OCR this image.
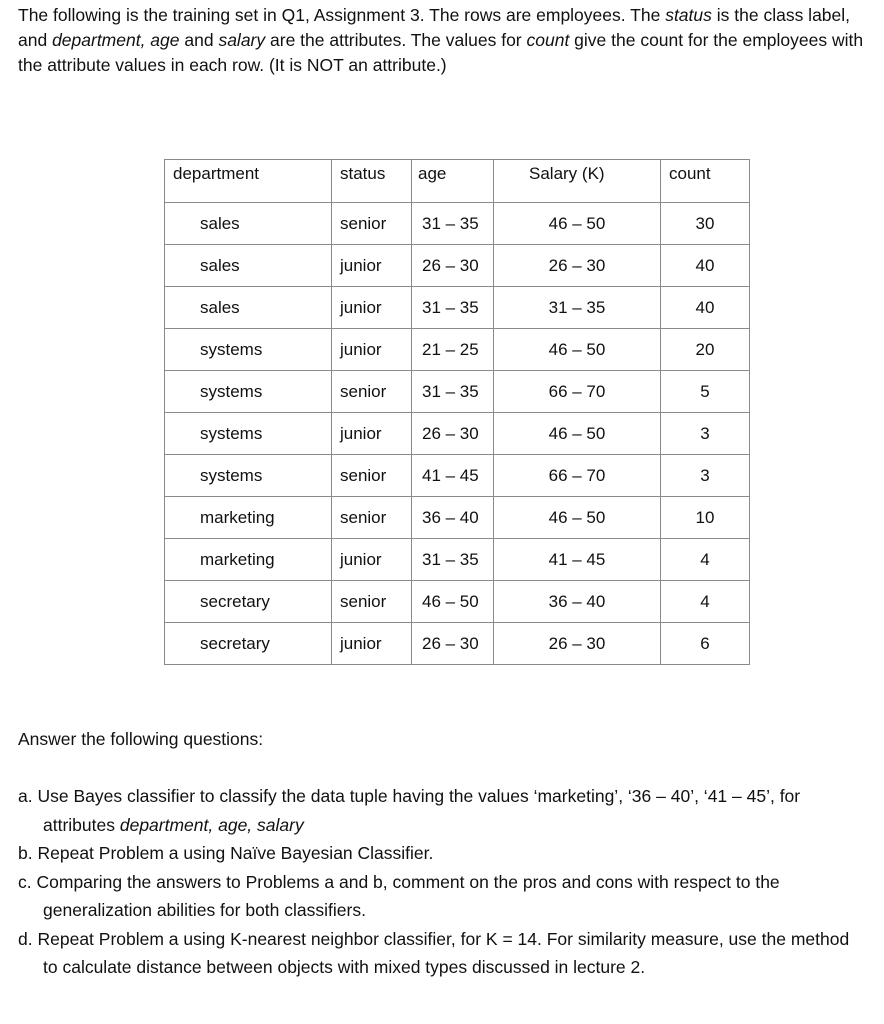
The following is the training set in Q1, Assignment 3. The rows are employees. The status is the class label, and department, age and salary are the attributes. The values for count give the count for the employees with the attribute values in each row. (It is NOT an attribute.)
department	status	age	Salary (K)	count
sales	senior	31 – 35	46 – 50	30
sales	junior	26 – 30	26 – 30	40
sales	junior	31 – 35	31 – 35	40
systems	junior	21 – 25	46 – 50	20
systems	senior	31 – 35	66 – 70	5
systems	junior	26 – 30	46 – 50	3
systems	senior	41 – 45	66 – 70	3
marketing	senior	36 – 40	46 – 50	10
marketing	junior	31 – 35	41 – 45	4
secretary	senior	46 – 50	36 – 40	4
secretary	junior	26 – 30	26 – 30	6
Answer the following questions:
a. Use Bayes classifier to classify the data tuple having the values ‘marketing’, ‘36 – 40’, ‘41 – 45’, for attributes department, age, salary
b. Repeat Problem a using Naïve Bayesian Classifier.
c. Comparing the answers to Problems a and b, comment on the pros and cons with respect to the generalization abilities for both classifiers.
d. Repeat Problem a using K-nearest neighbor classifier, for K = 14. For similarity measure, use the method to calculate distance between objects with mixed types discussed in lecture 2.
